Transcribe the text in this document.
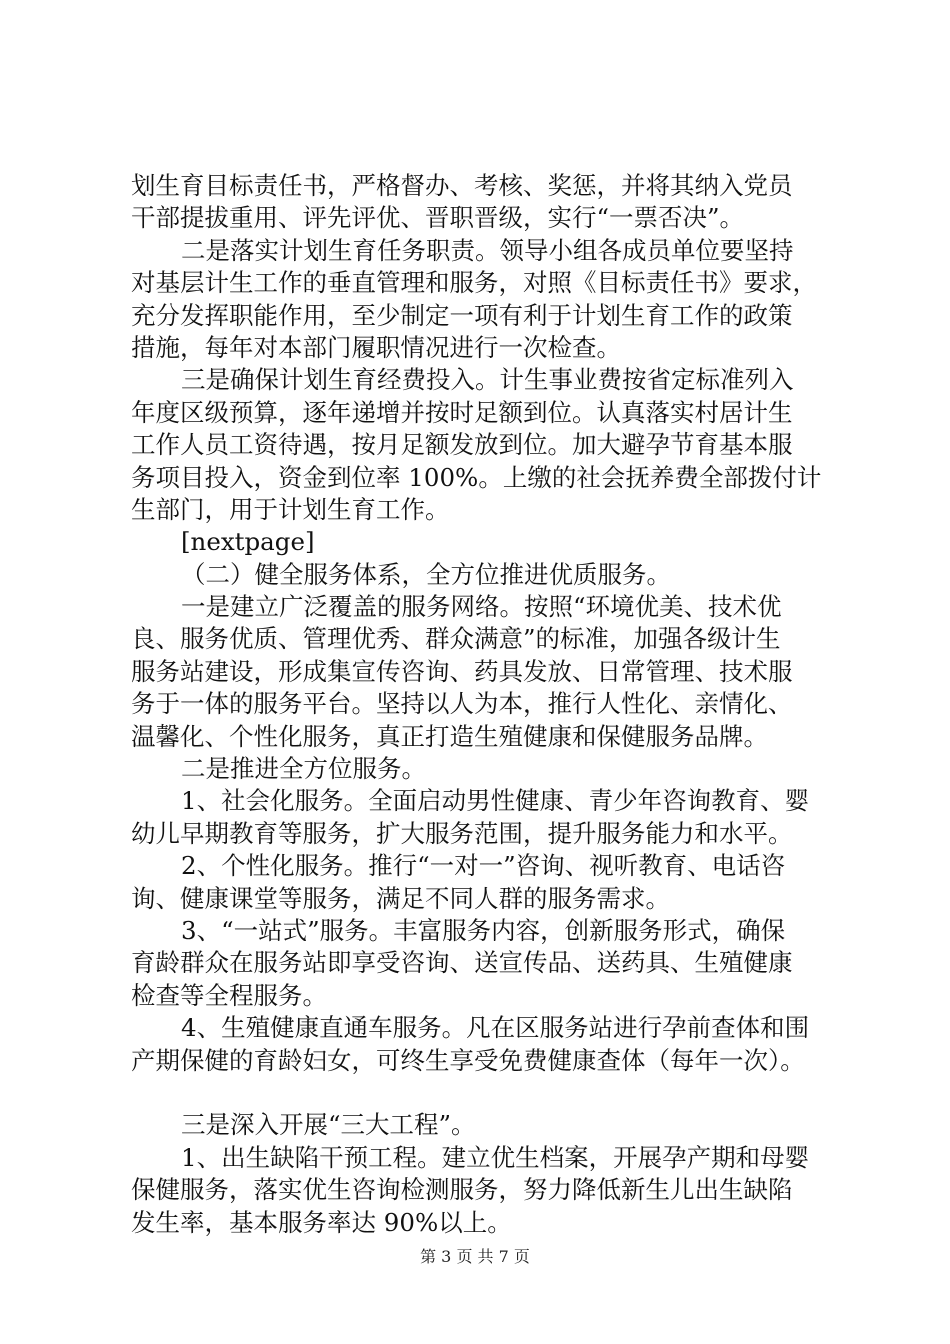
划生育目标责任书，严格督办、考核、奖惩，并将其纳入党员
干部提拔重用、评先评优、晋职晋级，实行“一票否决”。
二是落实计划生育任务职责。领导小组各成员单位要坚持
对基层计生工作的垂直管理和服务，对照《目标责任书》要求，
充分发挥职能作用，至少制定一项有利于计划生育工作的政策
措施，每年对本部门履职情况进行一次检查。
三是确保计划生育经费投入。计生事业费按省定标准列入
年度区级预算，逐年递增并按时足额到位。认真落实村居计生
工作人员工资待遇，按月足额发放到位。加大避孕节育基本服
务项目投入，资金到位率 100%。上缴的社会抚养费全部拨付计
生部门，用于计划生育工作。
[nextpage]
（二）健全服务体系，全方位推进优质服务。
一是建立广泛覆盖的服务网络。按照“环境优美、技术优
良、服务优质、管理优秀、群众满意”的标准，加强各级计生
服务站建设，形成集宣传咨询、药具发放、日常管理、技术服
务于一体的服务平台。坚持以人为本，推行人性化、亲情化、
温馨化、个性化服务，真正打造生殖健康和保健服务品牌。
二是推进全方位服务。
1、社会化服务。全面启动男性健康、青少年咨询教育、婴
幼儿早期教育等服务，扩大服务范围，提升服务能力和水平。
2、个性化服务。推行“一对一”咨询、视听教育、电话咨
询、健康课堂等服务，满足不同人群的服务需求。
3、“一站式”服务。丰富服务内容，创新服务形式，确保
育龄群众在服务站即享受咨询、送宣传品、送药具、生殖健康
检查等全程服务。
4、生殖健康直通车服务。凡在区服务站进行孕前查体和围
产期保健的育龄妇女，可终生享受免费健康查体（每年一次）。
三是深入开展“三大工程”。
1、出生缺陷干预工程。建立优生档案，开展孕产期和母婴
保健服务，落实优生咨询检测服务，努力降低新生儿出生缺陷
发生率，基本服务率达 90%以上。
第 3 页 共 7 页
